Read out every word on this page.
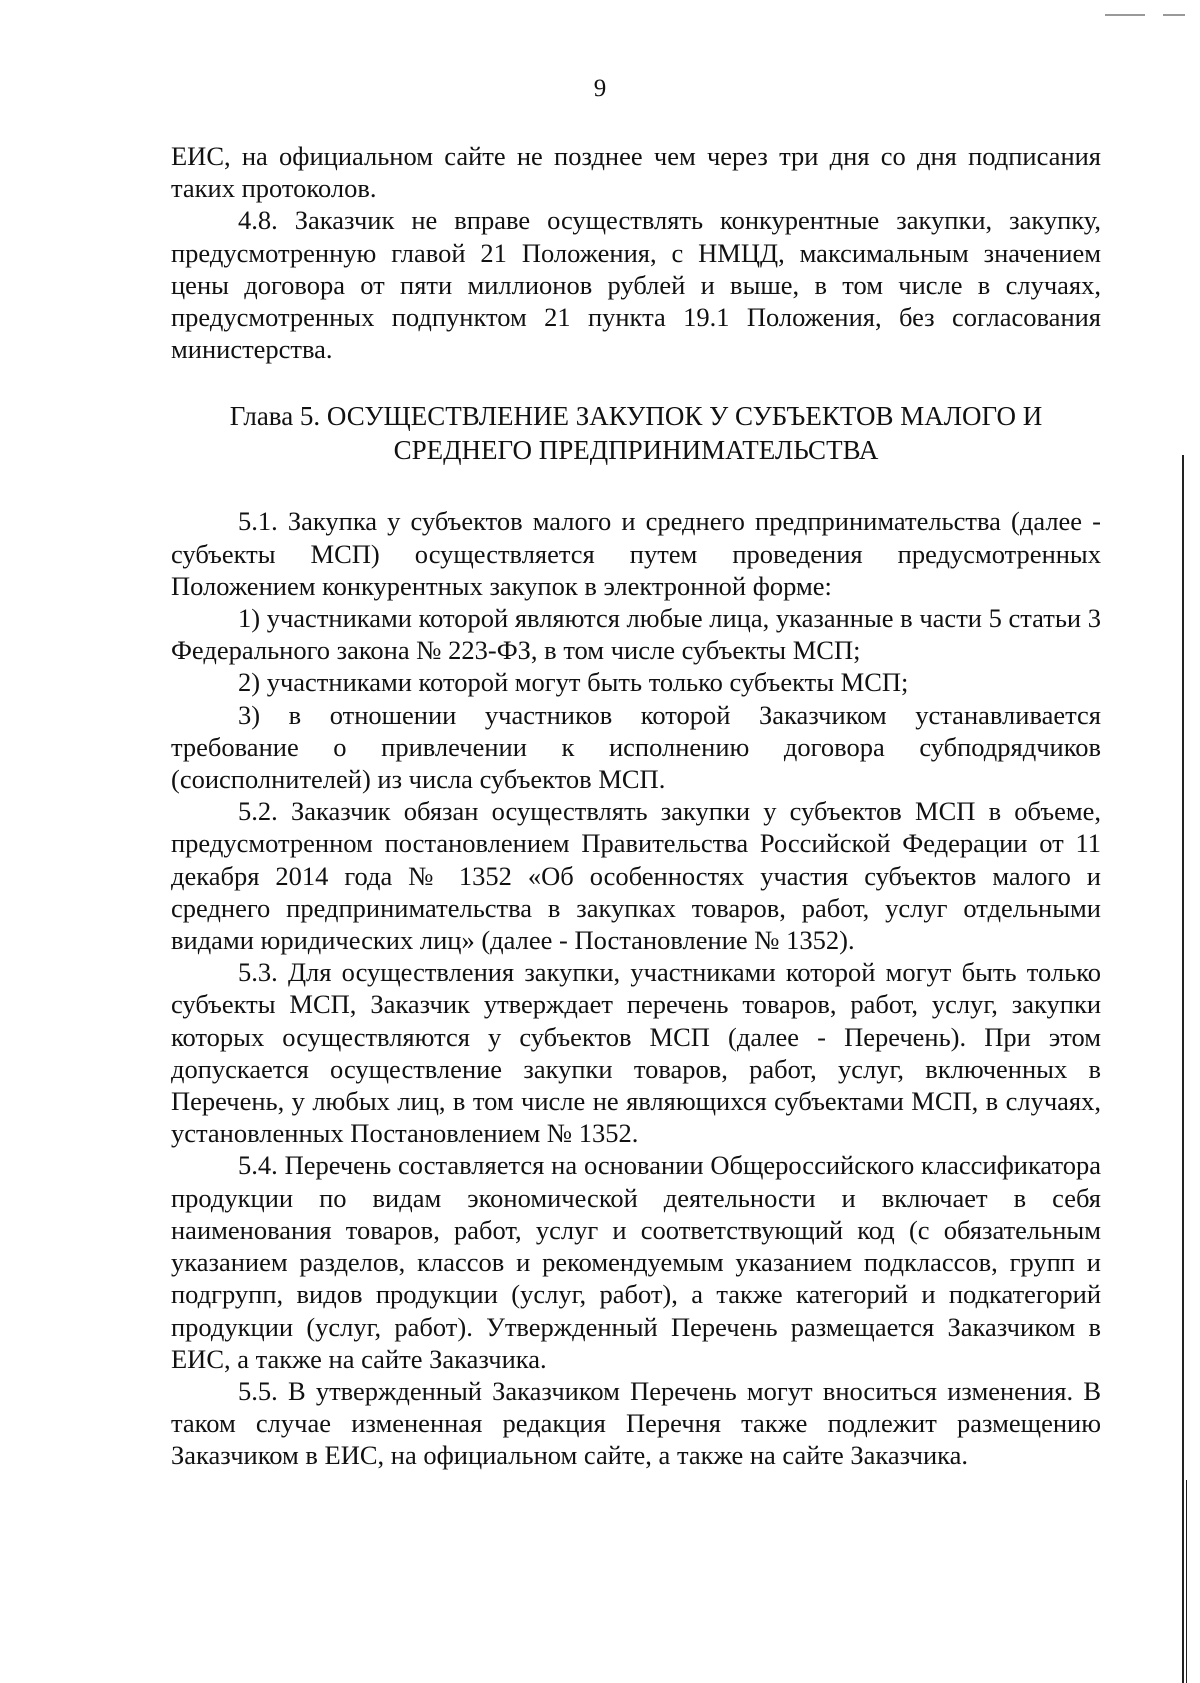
9

ЕИС, на официальном сайте не позднее чем через три дня со дня подписания таких протоколов.

4.8. Заказчик не вправе осуществлять конкурентные закупки, закупку, предусмотренную главой 21 Положения, с НМЦД, максимальным значением цены договора от пяти миллионов рублей и выше, в том числе в случаях, предусмотренных подпунктом 21 пункта 19.1 Положения, без согласования министерства.

Глава 5. ОСУЩЕСТВЛЕНИЕ ЗАКУПОК У СУБЪЕКТОВ МАЛОГО И
СРЕДНЕГО ПРЕДПРИНИМАТЕЛЬСТВА

5.1. Закупка у субъектов малого и среднего предпринимательства (далее - субъекты МСП) осуществляется путем проведения предусмотренных Положением конкурентных закупок в электронной форме:

1) участниками которой являются любые лица, указанные в части 5 статьи 3 Федерального закона № 223-ФЗ, в том числе субъекты МСП;

2) участниками которой могут быть только субъекты МСП;

3) в отношении участников которой Заказчиком устанавливается требование о привлечении к исполнению договора субподрядчиков (соисполнителей) из числа субъектов МСП.

5.2. Заказчик обязан осуществлять закупки у субъектов МСП в объеме, предусмотренном постановлением Правительства Российской Федерации от 11 декабря 2014 года № 1352 «Об особенностях участия субъектов малого и среднего предпринимательства в закупках товаров, работ, услуг отдельными видами юридических лиц» (далее - Постановление № 1352).

5.3. Для осуществления закупки, участниками которой могут быть только субъекты МСП, Заказчик утверждает перечень товаров, работ, услуг, закупки которых осуществляются у субъектов МСП (далее - Перечень). При этом допускается осуществление закупки товаров, работ, услуг, включенных в Перечень, у любых лиц, в том числе не являющихся субъектами МСП, в случаях, установленных Постановлением № 1352.

5.4. Перечень составляется на основании Общероссийского классификатора продукции по видам экономической деятельности и включает в себя наименования товаров, работ, услуг и соответствующий код (с обязательным указанием разделов, классов и рекомендуемым указанием подклассов, групп и подгрупп, видов продукции (услуг, работ), а также категорий и подкатегорий продукции (услуг, работ). Утвержденный Перечень размещается Заказчиком в ЕИС, а также на сайте Заказчика.

5.5. В утвержденный Заказчиком Перечень могут вноситься изменения. В таком случае измененная редакция Перечня также подлежит размещению Заказчиком в ЕИС, на официальном сайте, а также на сайте Заказчика.
